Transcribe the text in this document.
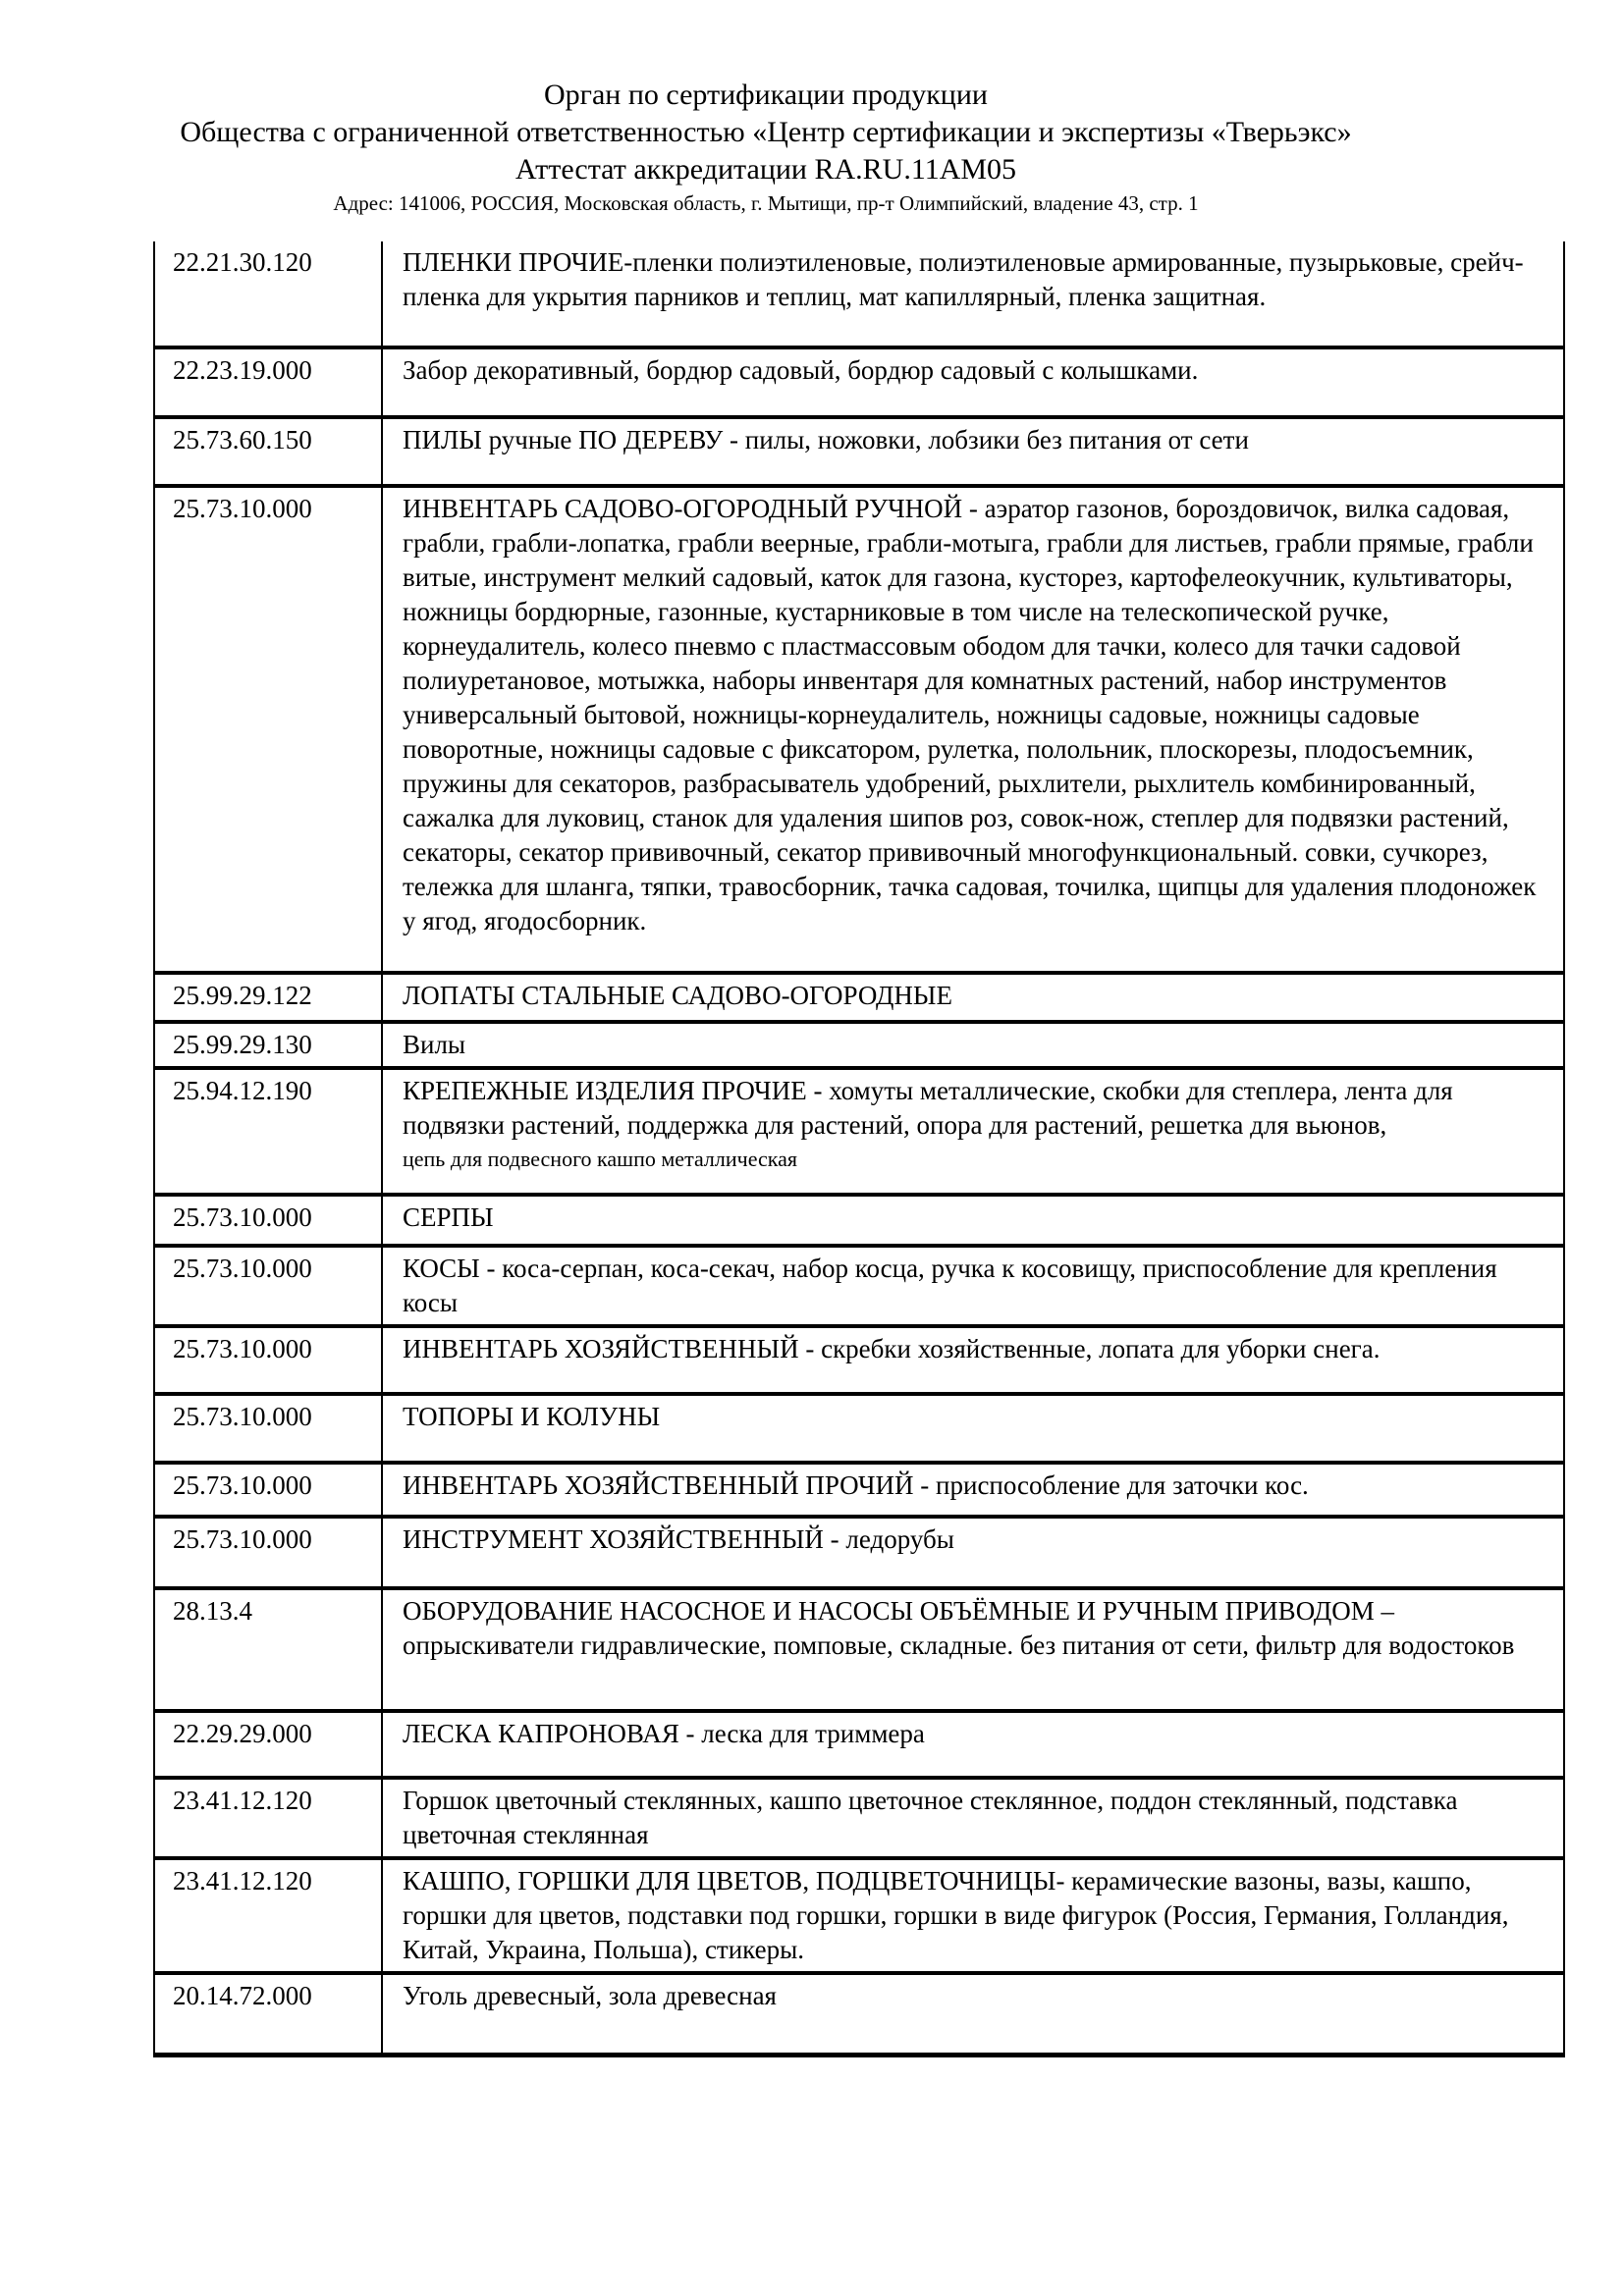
Орган по сертификации продукции
Общества с ограниченной ответственностью «Центр сертификации и экспертизы «Тверьэкс»
Аттестат аккредитации RA.RU.11АМ05
Адрес: 141006, РОССИЯ, Московская область, г. Мытищи, пр-т Олимпийский, владение 43, стр. 1
22.21.30.120	ПЛЕНКИ ПРОЧИЕ-пленки полиэтиленовые, полиэтиленовые армированные, пузырьковые, срейч-пленка для укрытия парников и теплиц, мат капиллярный, пленка защитная.
22.23.19.000	Забор декоративный, бордюр садовый, бордюр садовый с колышками.
25.73.60.150	ПИЛЫ ручные ПО ДЕРЕВУ - пилы, ножовки, лобзики без питания от сети
25.73.10.000	ИНВЕНТАРЬ САДОВО-ОГОРОДНЫЙ РУЧНОЙ - аэратор газонов, бороздовичок, вилка садовая, грабли, грабли-лопатка, грабли веерные, грабли-мотыга, грабли для листьев, грабли прямые, грабли витые, инструмент мелкий садовый, каток для газона, кусторез, картофелеокучник, культиваторы, ножницы бордюрные, газонные, кустарниковые в том числе на телескопической ручке, корнеудалитель, колесо пневмо с пластмассовым ободом для тачки, колесо для тачки садовой полиуретановое, мотыжка, наборы инвентаря для комнатных растений, набор инструментов универсальный бытовой, ножницы-корнеудалитель, ножницы садовые, ножницы садовые поворотные, ножницы садовые с фиксатором, рулетка, полольник, плоскорезы, плодосъемник, пружины для секаторов, разбрасыватель удобрений, рыхлители, рыхлитель комбинированный, сажалка для луковиц, станок для удаления шипов роз, совок-нож, степлер для подвязки растений, секаторы, секатор прививочный, секатор прививочный многофункциональный. совки, сучкорез, тележка для шланга, тяпки, травосборник, тачка садовая, точилка, щипцы для удаления плодоножек у ягод, ягодосборник.
25.99.29.122	ЛОПАТЫ СТАЛЬНЫЕ САДОВО-ОГОРОДНЫЕ
25.99.29.130	Вилы
25.94.12.190	КРЕПЕЖНЫЕ ИЗДЕЛИЯ ПРОЧИЕ - хомуты металлические, скобки для степлера, лента для подвязки растений, поддержка для растений, опора для растений, решетка для вьюнов,
цепь для подвесного кашпо металлическая

25.73.10.000	СЕРПЫ
25.73.10.000	КОСЫ - коса-серпан, коса-секач, набор косца, ручка к косовищу, приспособление для крепления косы
25.73.10.000	ИНВЕНТАРЬ ХОЗЯЙСТВЕННЫЙ - скребки хозяйственные, лопата для уборки снега.
25.73.10.000	ТОПОРЫ И КОЛУНЫ
25.73.10.000	ИНВЕНТАРЬ ХОЗЯЙСТВЕННЫЙ ПРОЧИЙ - приспособление для заточки кос.
25.73.10.000	ИНСТРУМЕНТ ХОЗЯЙСТВЕННЫЙ - ледорубы
28.13.4	ОБОРУДОВАНИЕ НАСОСНОЕ И НАСОСЫ ОБЪЁМНЫЕ И РУЧНЫМ ПРИВОДОМ – опрыскиватели гидравлические, помповые, складные. без питания от сети, фильтр для водостоков
22.29.29.000	ЛЕСКА КАПРОНОВАЯ - леска для триммера
23.41.12.120	Горшок цветочный стеклянных, кашпо цветочное стеклянное, поддон стеклянный, подставка цветочная стеклянная
23.41.12.120	КАШПО, ГОРШКИ ДЛЯ ЦВЕТОВ, ПОДЦВЕТОЧНИЦЫ- керамические вазоны, вазы, кашпо, горшки для цветов, подставки под горшки, горшки в виде фигурок (Россия, Германия, Голландия, Китай, Украина, Польша), стикеры.
20.14.72.000	Уголь древесный, зола древесная
